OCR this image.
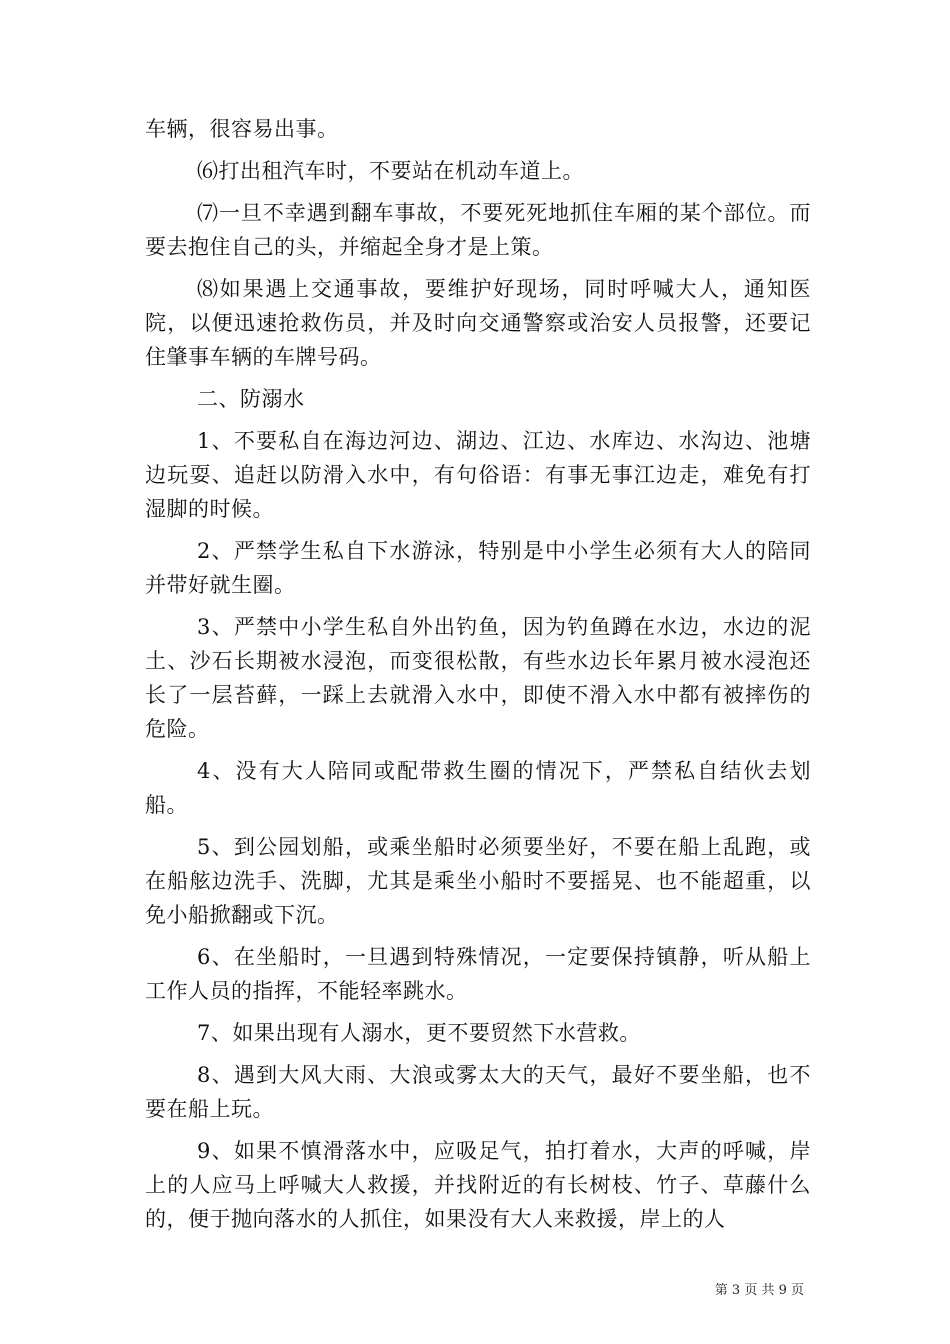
车辆，很容易出事。

⑹打出租汽车时，不要站在机动车道上。

⑺一旦不幸遇到翻车事故，不要死死地抓住车厢的某个部位。而要去抱住自己的头，并缩起全身才是上策。

⑻如果遇上交通事故，要维护好现场，同时呼喊大人，通知医院，以便迅速抢救伤员，并及时向交通警察或治安人员报警，还要记住肇事车辆的车牌号码。

二、防溺水

1、不要私自在海边河边、湖边、江边、水库边、水沟边、池塘边玩耍、追赶以防滑入水中，有句俗语：有事无事江边走，难免有打湿脚的时候。

2、严禁学生私自下水游泳，特别是中小学生必须有大人的陪同并带好就生圈。

3、严禁中小学生私自外出钓鱼，因为钓鱼蹲在水边，水边的泥土、沙石长期被水浸泡，而变很松散，有些水边长年累月被水浸泡还长了一层苔藓，一踩上去就滑入水中，即使不滑入水中都有被摔伤的危险。

4、没有大人陪同或配带救生圈的情况下，严禁私自结伙去划船。

5、到公园划船，或乘坐船时必须要坐好，不要在船上乱跑，或在船舷边洗手、洗脚，尤其是乘坐小船时不要摇晃、也不能超重，以免小船掀翻或下沉。

6、在坐船时，一旦遇到特殊情况，一定要保持镇静，听从船上工作人员的指挥，不能轻率跳水。

7、如果出现有人溺水，更不要贸然下水营救。

8、遇到大风大雨、大浪或雾太大的天气，最好不要坐船，也不要在船上玩。

9、如果不慎滑落水中，应吸足气，拍打着水，大声的呼喊，岸上的人应马上呼喊大人救援，并找附近的有长树枝、竹子、草藤什么的，便于抛向落水的人抓住，如果没有大人来救援，岸上的人

第 3 页 共 9 页
